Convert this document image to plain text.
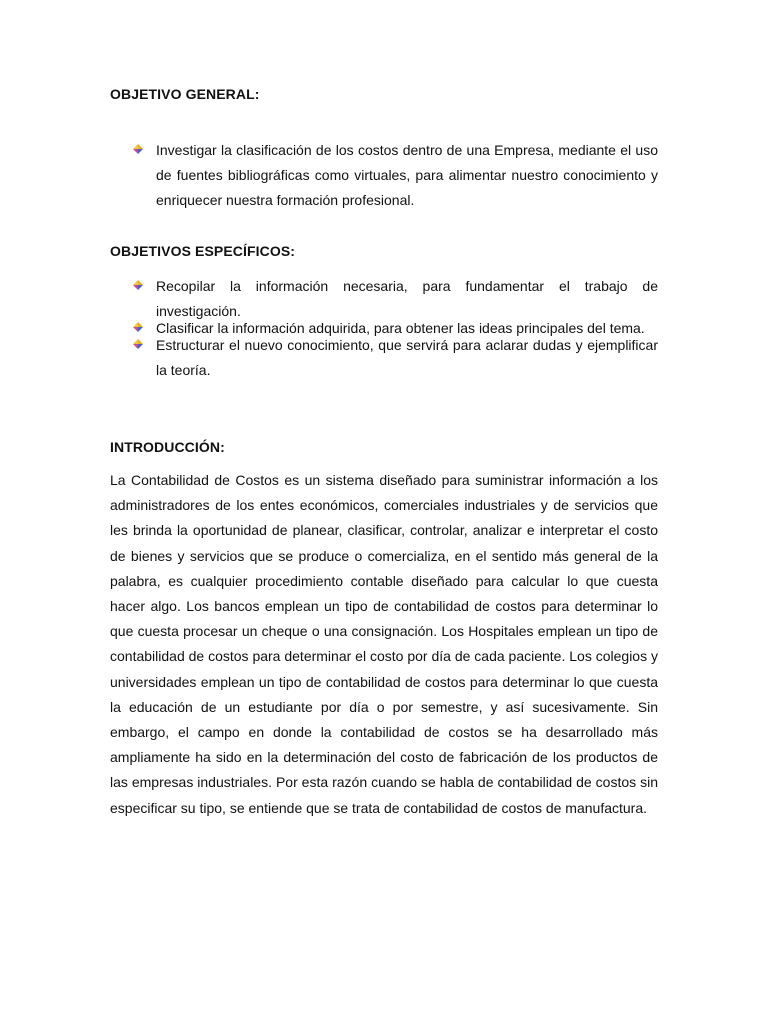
OBJETIVO GENERAL:
Investigar la clasificación de los costos dentro de una Empresa, mediante el uso de fuentes bibliográficas como virtuales, para alimentar nuestro conocimiento y enriquecer nuestra formación profesional.
OBJETIVOS ESPECÍFICOS:
Recopilar la información necesaria, para fundamentar el trabajo de investigación.
Clasificar la información adquirida, para obtener las ideas principales del tema.
Estructurar el nuevo conocimiento, que servirá para aclarar dudas y ejemplificar la teoría.
INTRODUCCIÓN:

La Contabilidad de Costos es un sistema diseñado para suministrar información a los administradores de los entes económicos, comerciales industriales y de servicios que les brinda la oportunidad de planear, clasificar, controlar, analizar e interpretar el costo de bienes y servicios que se produce o comercializa, en el sentido más general de la palabra, es cualquier procedimiento contable diseñado para calcular lo que cuesta hacer algo. Los bancos emplean un tipo de contabilidad de costos para determinar lo que cuesta procesar un cheque o una consignación. Los Hospitales emplean un tipo de contabilidad de costos para determinar el costo por día de cada paciente. Los colegios y universidades emplean un tipo de contabilidad de costos para determinar lo que cuesta la educación de un estudiante por día o por semestre, y así sucesivamente. Sin embargo, el campo en donde la contabilidad de costos se ha desarrollado más ampliamente ha sido en la determinación del costo de fabricación de los productos de las empresas industriales. Por esta razón cuando se habla de contabilidad de costos sin especificar su tipo, se entiende que se trata de contabilidad de costos de manufactura.
